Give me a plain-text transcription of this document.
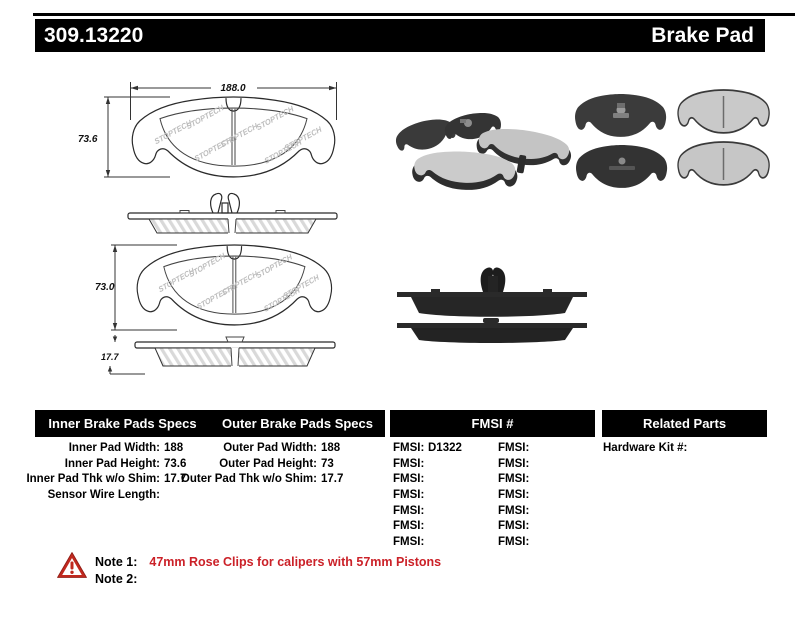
309.13220	Brake Pad
188.0
73.6
73.0
17.7
Inner Brake Pads Specs	Outer Brake Pads Specs	FMSI #	Related Parts
Inner Pad Width: 188
Inner Pad Height: 73.6
Inner Pad Thk w/o Shim: 17.7
Sensor Wire Length:
Outer Pad Width: 188
Outer Pad Height: 73
Outer Pad Thk w/o Shim: 17.7
FMSI: D1322
FMSI:
FMSI:
FMSI:
FMSI:
FMSI:
FMSI:
FMSI:
FMSI:
FMSI:
FMSI:
FMSI:
FMSI:
FMSI:
Hardware Kit #:
Note 1: 47mm Rose Clips for calipers with 57mm Pistons
Note 2:
